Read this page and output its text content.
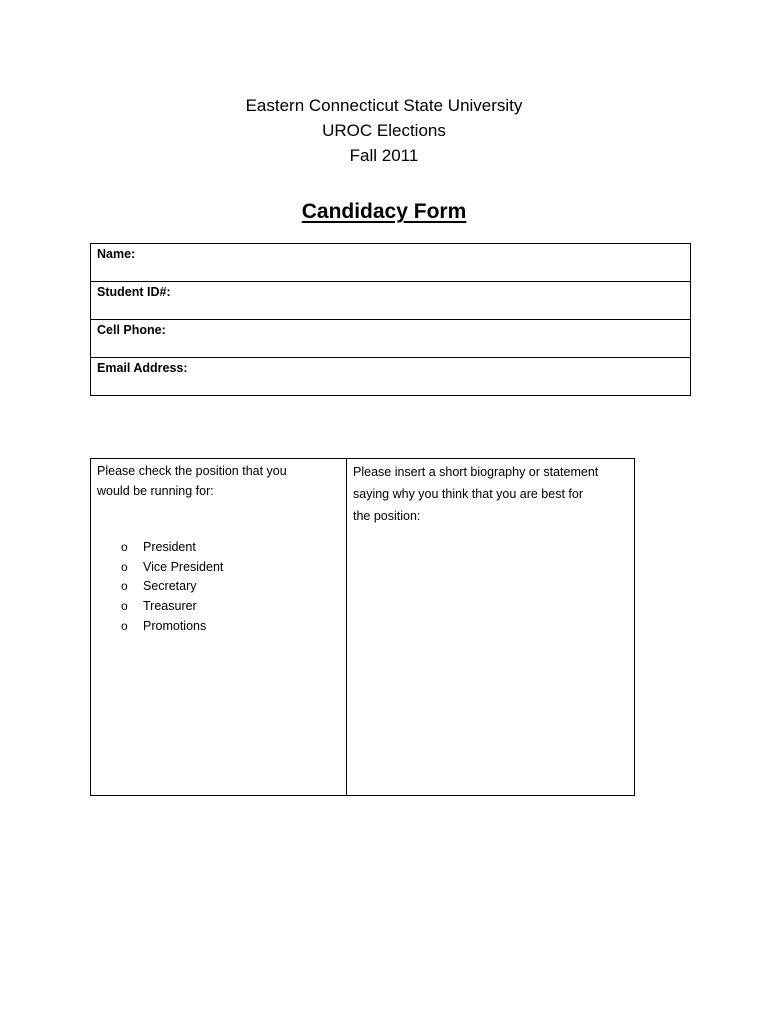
Eastern Connecticut State University
UROC Elections
Fall 2011
Candidacy Form
Name:
Student ID#:
Cell Phone:
Email Address:
Please check the position that you
would be running for:
o	President
o	Vice President
o	Secretary
o	Treasurer
o	Promotions

Please insert a short biography or statement
saying why you think that you are best for
the position:
